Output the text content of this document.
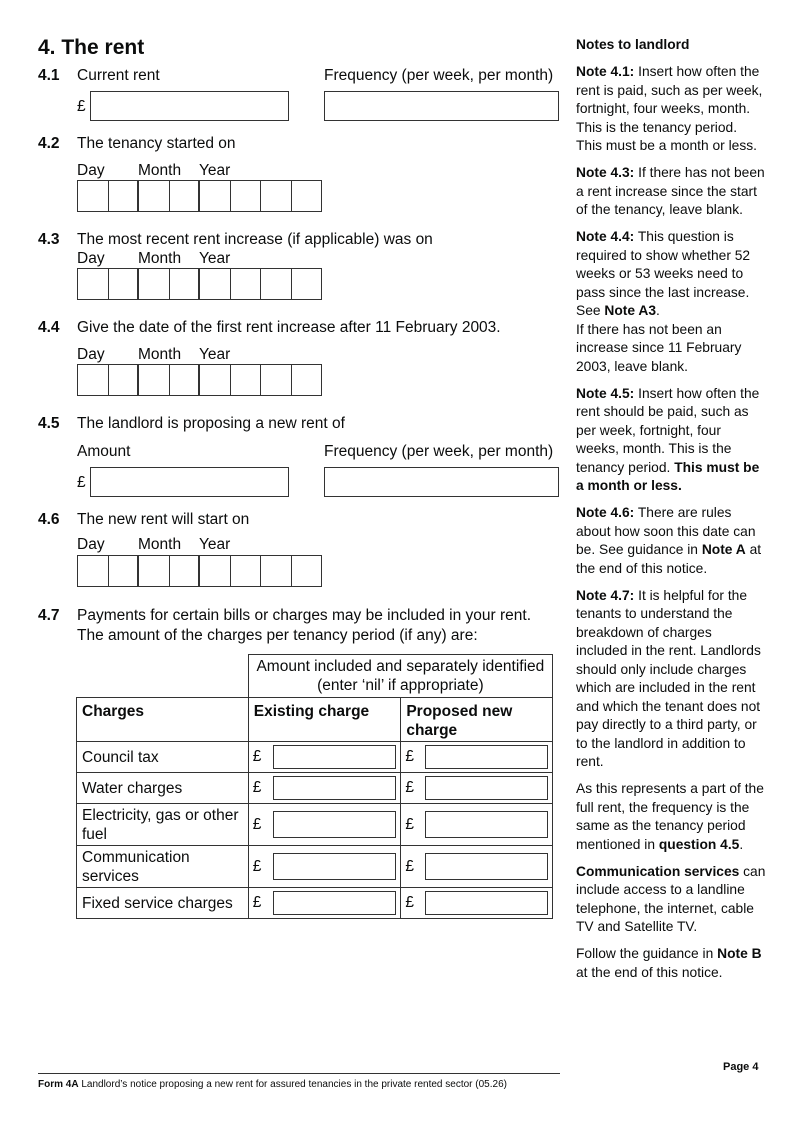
4. The rent
4.1 Current rent	Frequency (per week, per month)
£
4.2 The tenancy started on
Day Month Year
4.3 The most recent rent increase (if applicable) was on
Day Month Year
4.4 Give the date of the first rent increase after 11 February 2003.
Day Month Year
4.5 The landlord is proposing a new rent of
Amount	Frequency (per week, per month)
£
4.6 The new rent will start on
Day Month Year
4.7 Payments for certain bills or charges may be included in your rent.
The amount of the charges per tenancy period (if any) are:
	Amount included and separately identified (enter ‘nil’ if appropriate)	
Charges	Existing charge	Proposed new charge
Council tax	£	£

Water charges	£	£

Electricity, gas or other fuel	£	£

Communication services	£	£

Fixed service charges	£	£

Notes to landlord

Note 4.1: Insert how often the rent is paid, such as per week, fortnight, four weeks, month. This is the tenancy period. This must be a month or less.

Note 4.3: If there has not been a rent increase since the start of the tenancy, leave blank.

Note 4.4: This question is required to show whether 52 weeks or 53 weeks need to pass since the last increase. See Note A3.
If there has not been an increase since 11 February 2003, leave blank.

Note 4.5: Insert how often the rent should be paid, such as per week, fortnight, four weeks, month. This is the tenancy period. This must be a month or less.

Note 4.6: There are rules about how soon this date can be. See guidance in Note A at the end of this notice.

Note 4.7: It is helpful for the tenants to understand the breakdown of charges included in the rent. Landlords should only include charges which are included in the rent and which the tenant does not pay directly to a third party, or to the landlord in addition to rent.

As this represents a part of the full rent, the frequency is the same as the tenancy period mentioned in question 4.5.

Communication services can include access to a landline telephone, the internet, cable TV and Satellite TV.

Follow the guidance in Note B at the end of this notice.

Page 4
Form 4A Landlord’s notice proposing a new rent for assured tenancies in the private rented sector (05.26)
